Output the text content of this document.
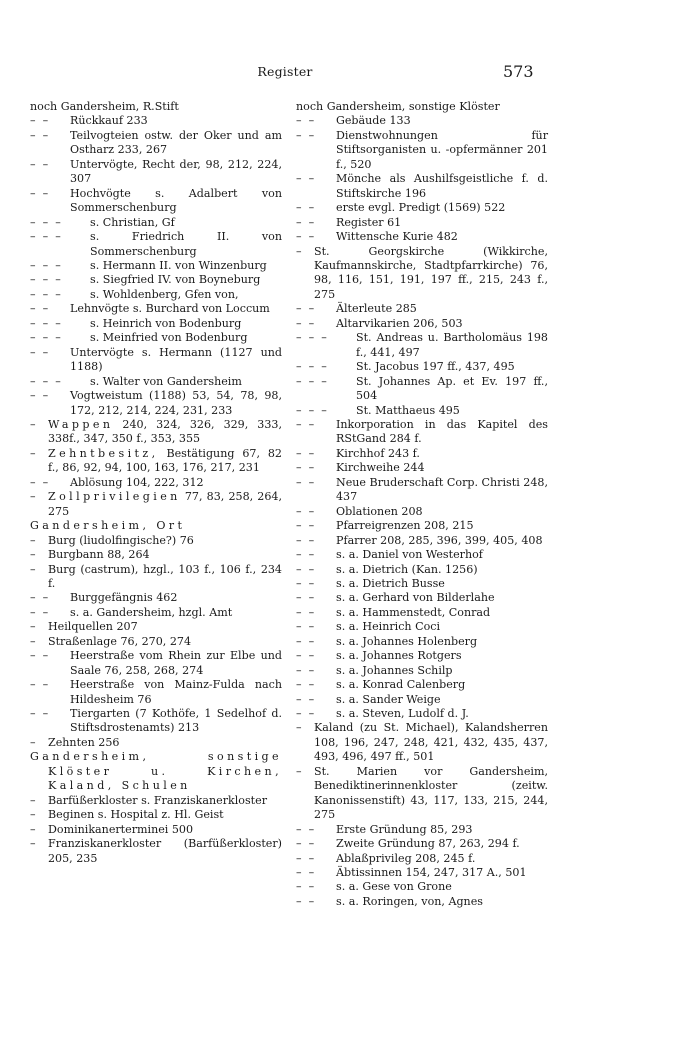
Register	573
noch Gandersheim, R.Stift
–  –	Rückkauf 233
–  –	Teilvogteien ostw. der Oker und am Ostharz 233, 267
–  –	Untervögte, Recht der, 98, 212, 224, 307
–  –	Hochvögte s. Adalbert von Sommerschenburg
–  –  –	s. Christian, Gf
–  –  –	s. Friedrich II. von Sommerschenburg
–  –  –	s. Hermann II. von Winzenburg
–  –  –	s. Siegfried IV. von Boyneburg
–  –  –	s. Wohldenberg, Gfen von,
–  –	Lehnvögte s. Burchard von Loccum
–  –  –	s. Heinrich von Bodenburg
–  –  –	s. Meinfried von Bodenburg
–  –	Untervögte s. Hermann (1127 und 1188)
–  –  –	s. Walter von Gandersheim
–  –	Vogtweistum (1188) 53, 54, 78, 98, 172, 212, 214, 224, 231, 233
–	Wappen 240, 324, 326, 329, 333, 338f., 347, 350 f., 353, 355
–	Zehntbesitz, Bestätigung 67, 82 f., 86, 92, 94, 100, 163, 176, 217, 231
–  –	Ablösung 104, 222, 312
–	Zollprivilegien 77, 83, 258, 264, 275
Gandersheim, Ort
–	Burg (liudolfingische?) 76
–	Burgbann 88, 264
–	Burg (castrum), hzgl., 103 f., 106 f., 234 f.
–  –	Burggefängnis 462
–  –	s. a. Gandersheim, hzgl. Amt
–	Heilquellen 207
–	Straßenlage 76, 270, 274
–  –	Heerstraße vom Rhein zur Elbe und Saale 76, 258, 268, 274
–  –	Heerstraße von Mainz-Fulda nach Hildesheim 76
–  –	Tiergarten (7 Kothöfe, 1 Sedelhof d. Stiftsdrostenamts) 213
–	Zehnten 256
Gandersheim, sonstige Klöster u. Kirchen, Kaland, Schulen
–	Barfüßerkloster s. Franziskanerkloster
–	Beginen s. Hospital z. Hl. Geist
–	Dominikanerterminei 500
–	Franziskanerkloster (Barfüßerkloster) 205, 235
noch Gandersheim, sonstige Klöster
–  –	Gebäude 133
–  –	Dienstwohnungen für Stiftsorganisten u. -opfermänner 201 f., 520
–  –	Mönche als Aushilfsgeistliche f. d. Stiftskirche 196
–  –	erste evgl. Predigt (1569) 522
–  –	Register 61
–  –	Wittensche Kurie 482
–	St. Georgskirche (Wikkirche, Kaufmannskirche, Stadtpfarrkirche) 76, 98, 116, 151, 191, 197 ff., 215, 243 f., 275
–  –	Älterleute 285
–  –	Altarvikarien 206, 503
–  –  –	St. Andreas u. Bartholomäus 198 f., 441, 497
–  –  –	St. Jacobus 197 ff., 437, 495
–  –  –	St. Johannes Ap. et Ev. 197 ff., 504
–  –  –	St. Matthaeus 495
–  –	Inkorporation in das Kapitel des RStGand 284 f.
–  –	Kirchhof 243 f.
–  –	Kirchweihe 244
–  –	Neue Bruderschaft Corp. Christi 248, 437
–  –	Oblationen 208
–  –	Pfarreigrenzen 208, 215
–  –	Pfarrer 208, 285, 396, 399, 405, 408
–  –	s. a. Daniel von Westerhof
–  –	s. a. Dietrich (Kan. 1256)
–  –	s. a. Dietrich Busse
–  –	s. a. Gerhard von Bilderlahe
–  –	s. a. Hammenstedt, Conrad
–  –	s. a. Heinrich Coci
–  –	s. a. Johannes Holenberg
–  –	s. a. Johannes Rotgers
–  –	s. a. Johannes Schilp
–  –	s. a. Konrad Calenberg
–  –	s. a. Sander Weige
–  –	s. a. Steven, Ludolf d. J.
–	Kaland (zu St. Michael), Kalandsherren 108, 196, 247, 248, 421, 432, 435, 437, 493, 496, 497 ff., 501
–	St. Marien vor Gandersheim, Benediktinerinnenkloster (zeitw. Kanonissenstift) 43, 117, 133, 215, 244, 275
–  –	Erste Gründung 85, 293
–  –	Zweite Gründung 87, 263, 294 f.
–  –	Ablaßprivileg 208, 245 f.
–  –	Äbtissinnen 154, 247, 317 A., 501
–  –	s. a. Gese von Grone
–  –	s. a. Roringen, von, Agnes
